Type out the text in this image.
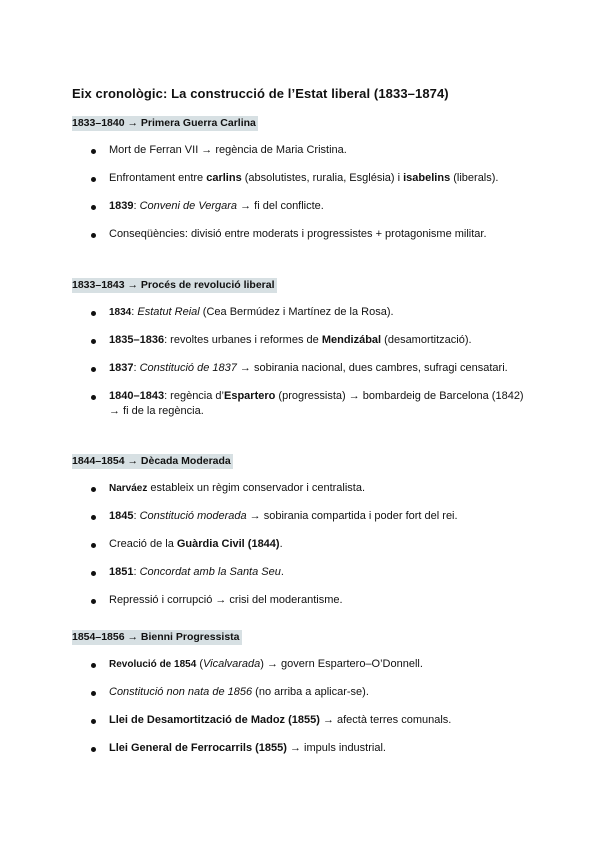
Eix cronològic: La construcció de l’Estat liberal (1833–1874)
1833–1840 → Primera Guerra Carlina
Mort de Ferran VII → regència de Maria Cristina.
Enfrontament entre carlins (absolutistes, ruralia, Església) i isabelins (liberals).
1839: Conveni de Vergara → fi del conflicte.
Conseqüències: divisió entre moderats i progressistes + protagonisme militar.
1833–1843 → Procés de revolució liberal
1834: Estatut Reial (Cea Bermúdez i Martínez de la Rosa).
1835–1836: revoltes urbanes i reformes de Mendizábal (desamortització).
1837: Constitució de 1837 → sobirania nacional, dues cambres, sufragi censatari.
1840–1843: regència d’Espartero (progressista) → bombardeig de Barcelona (1842) → fi de la regència.
1844–1854 → Dècada Moderada
Narváez estableix un règim conservador i centralista.
1845: Constitució moderada → sobirania compartida i poder fort del rei.
Creació de la Guàrdia Civil (1844).
1851: Concordat amb la Santa Seu.
Repressió i corrupció → crisi del moderantisme.
1854–1856 → Bienni Progressista
Revolució de 1854 (Vicalvarada) → govern Espartero–O’Donnell.
Constitució non nata de 1856 (no arriba a aplicar-se).
Llei de Desamortització de Madoz (1855) → afectà terres comunals.
Llei General de Ferrocarrils (1855) → impuls industrial.
